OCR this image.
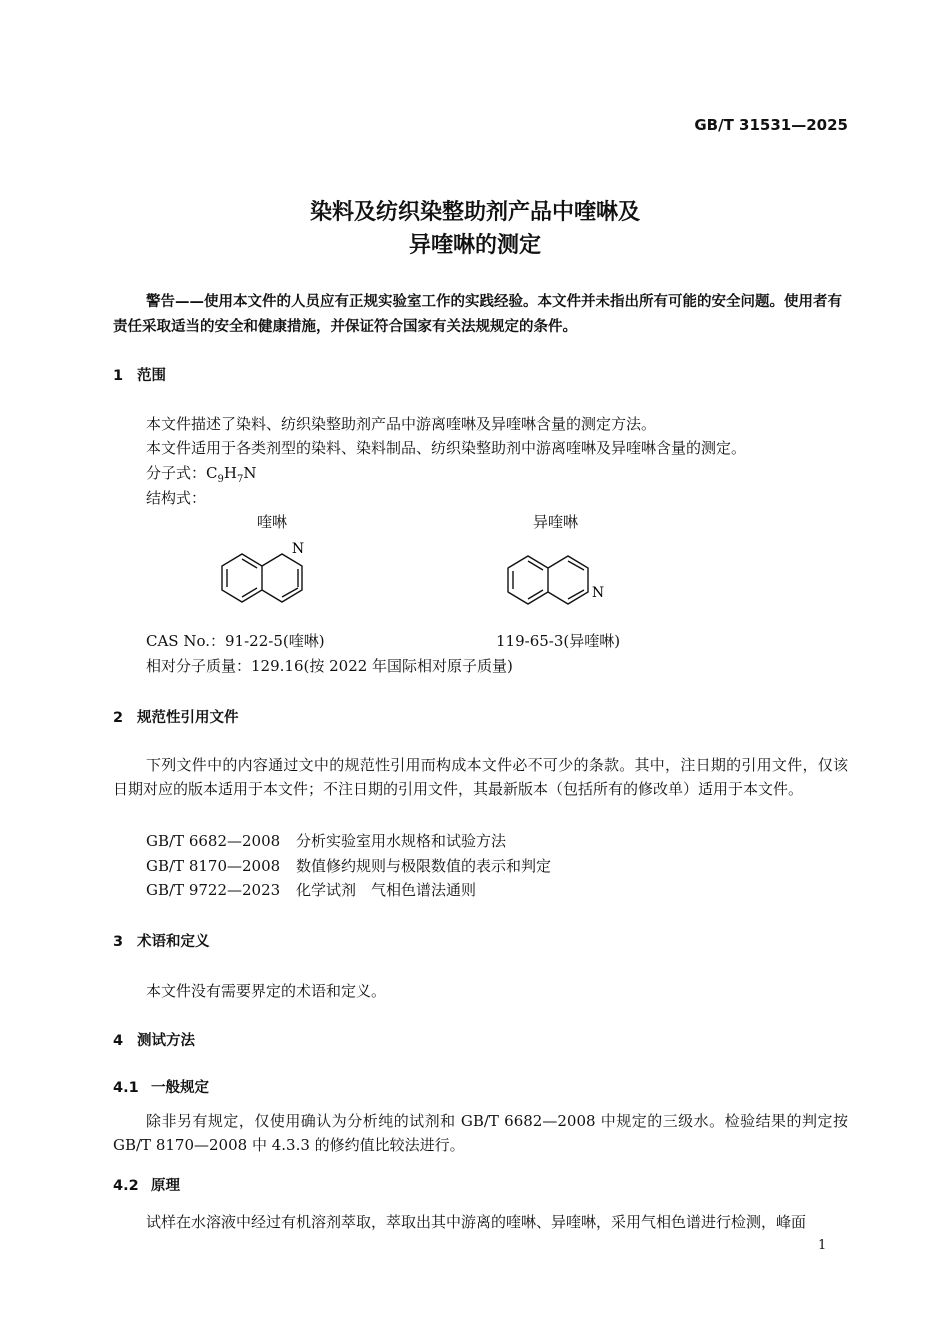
GB/T 31531—2025
染料及纺织染整助剂产品中喹啉及
异喹啉的测定
警告——使用本文件的人员应有正规实验室工作的实践经验。本文件并未指出所有可能的安全问题。使用者有责任采取适当的安全和健康措施，并保证符合国家有关法规规定的条件。
1 范围
本文件描述了染料、纺织染整助剂产品中游离喹啉及异喹啉含量的测定方法。
本文件适用于各类剂型的染料、染料制品、纺织染整助剂中游离喹啉及异喹啉含量的测定。
分子式：$C_9H_7N$
结构式：
喹啉	异喹啉
N
N
CAS No.：91-22-5(喹啉)	119-65-3(异喹啉)
相对分子质量：129.16(按 2022 年国际相对原子质量)
2 规范性引用文件
下列文件中的内容通过文中的规范性引用而构成本文件必不可少的条款。其中，注日期的引用文件，仅该日期对应的版本适用于本文件；不注日期的引用文件，其最新版本（包括所有的修改单）适用于本文件。
GB/T 6682—2008 分析实验室用水规格和试验方法
GB/T 8170—2008 数值修约规则与极限数值的表示和判定
GB/T 9722—2023 化学试剂　气相色谱法通则
3 术语和定义
本文件没有需要界定的术语和定义。
4 测试方法
4.1 一般规定
除非另有规定，仅使用确认为分析纯的试剂和 GB/T 6682—2008 中规定的三级水。检验结果的判定按 GB/T 8170—2008 中 4.3.3 的修约值比较法进行。
4.2 原理
试样在水溶液中经过有机溶剂萃取，萃取出其中游离的喹啉、异喹啉，采用气相色谱进行检测，峰面
1
